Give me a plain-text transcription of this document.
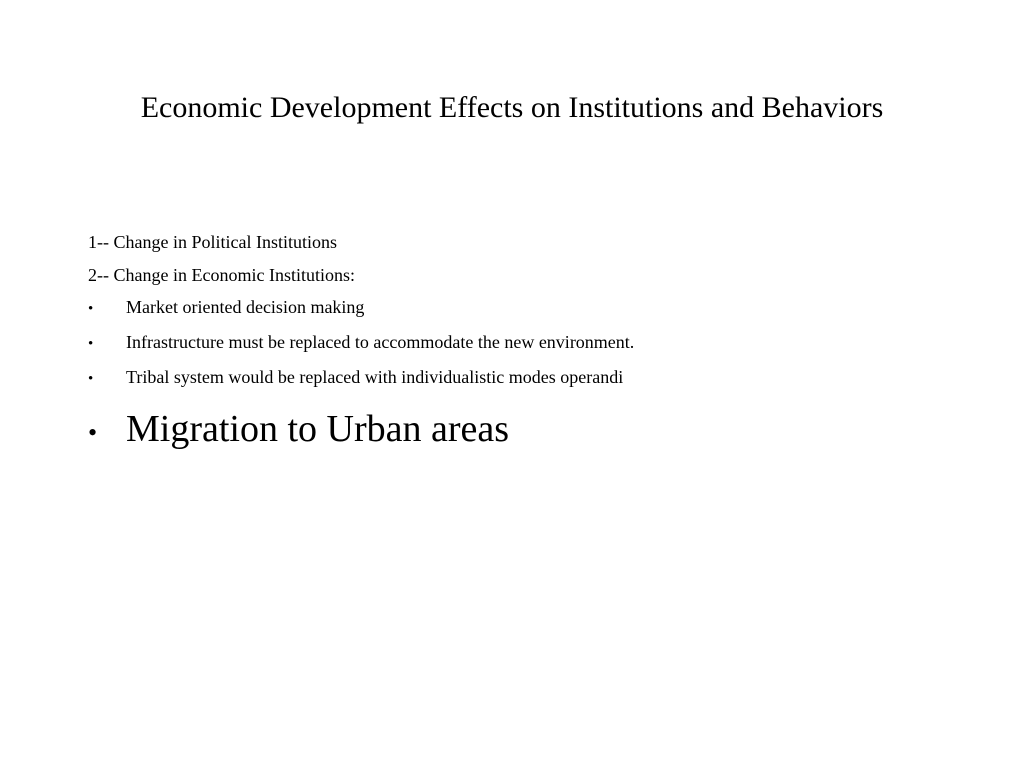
Economic Development Effects on Institutions and Behaviors
1-- Change in Political Institutions
2-- Change in Economic Institutions:
•	Market oriented decision making
•	Infrastructure must be replaced to accommodate the new environment.
•	Tribal system would be replaced with individualistic modes operandi
• Migration to Urban areas
